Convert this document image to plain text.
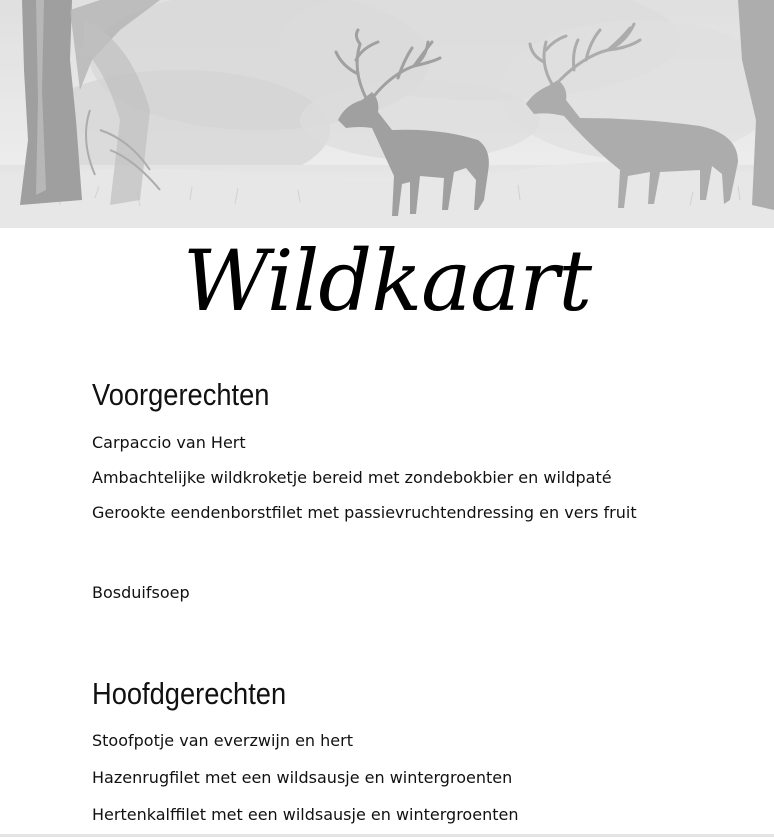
Wildkaart
Voorgerechten
Carpaccio van Hert
Ambachtelijke wildkroketje bereid met zondebokbier en wildpaté
Gerookte eendenborstfilet met passievruchtendressing en vers fruit
Bosduifsoep
Hoofdgerechten
Stoofpotje van everzwijn en hert
Hazenrugfilet met een wildsausje en wintergroenten
Hertenkalffilet met een wildsausje en wintergroenten
